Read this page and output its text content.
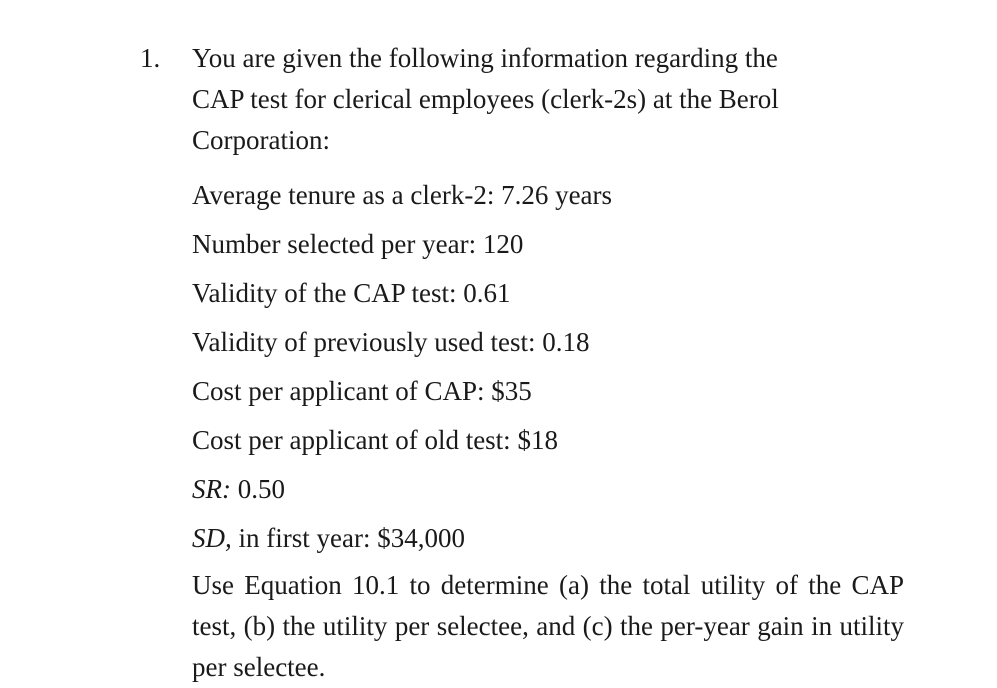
1. You are given the following information regarding the CAP test for clerical employees (clerk-2s) at the Berol Corporation:
Average tenure as a clerk-2: 7.26 years
Number selected per year: 120
Validity of the CAP test: 0.61
Validity of previously used test: 0.18
Cost per applicant of CAP: $35
Cost per applicant of old test: $18
SR: 0.50
SD, in first year: $34,000
Use Equation 10.1 to determine (a) the total utility of the CAP test, (b) the utility per selectee, and (c) the per-year gain in utility per selectee.
